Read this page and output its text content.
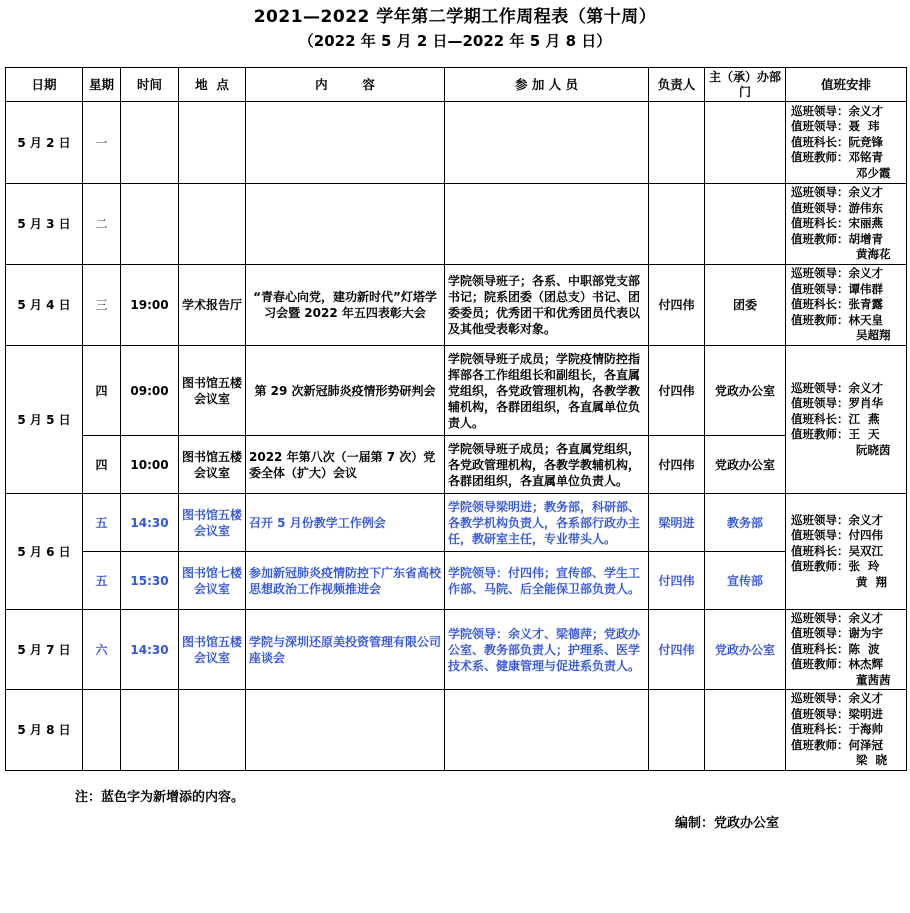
2021—2022 学年第二学期工作周程表（第十周）
（2022 年 5 月 2 日—2022 年 5 月 8 日）
日期	星期	时间	地  点	内        容	参 加 人 员	负责人	主（承）办部 门	值班安排
5 月 2 日	一							巡班领导：余义才
值班领导：聂  玮
值班科长：阮竞锋
值班教师：邓铭青
邓少霞

5 月 3 日	二							巡班领导：余义才
值班领导：游伟东
值班科长：宋丽燕
值班教师：胡增青
黄海花

5 月 4 日	三	19:00	学术报告厅	“青春心向党，建功新时代”灯塔学习会暨 2022 年五四表彰大会	学院领导班子；各系、中职部党支部书记；院系团委（团总支）书记、团委委员；优秀团干和优秀团员代表以及其他受表彰对象。	付四伟	团委	巡班领导：余义才
值班领导：谭伟群
值班科长：张青露
值班教师：林天皇
吴超翔

5 月 5 日	四	09:00	图书馆五楼会议室	第 29 次新冠肺炎疫情形势研判会	学院领导班子成员；学院疫情防控指挥部各工作组组长和副组长，各直属党组织，各党政管理机构，各教学教辅机构，各群团组织，各直属单位负责人。	付四伟	党政办公室	巡班领导：余义才
值班领导：罗肖华
值班科长：江  燕
值班教师：王  天
阮晓茵

	四	10:00	图书馆五楼会议室	2022 年第八次（一届第 7 次）党委全体（扩大）会议	学院领导班子成员；各直属党组织，各党政管理机构，各教学教辅机构，各群团组织，各直属单位负责人。	付四伟	党政办公室	
5 月 6 日	五	14:30	图书馆五楼会议室	召开 5 月份教学工作例会	学院领导梁明进；教务部，科研部、各教学机构负责人，各系部行政办主任，教研室主任，专业带头人。	梁明进	教务部	巡班领导：余义才
值班领导：付四伟
值班科长：吴双江
值班教师：张  玲
黄  翔

	五	15:30	图书馆七楼会议室	参加新冠肺炎疫情防控下广东省高校思想政治工作视频推进会	学院领导：付四伟；宣传部、学生工作部、马院、后全能保卫部负责人。	付四伟	宣传部	
5 月 7 日	六	14:30	图书馆五楼会议室	学院与深圳还原美投资管理有限公司座谈会	学院领导：余义才、梁德萍；党政办公室、教务部负责人；护理系、医学技术系、健康管理与促进系负责人。	付四伟	党政办公室	巡班领导：余义才
值班领导：谢为宇
值班科长：陈  波
值班教师：林杰辉
董茜茜

5 月 8 日								巡班领导：余义才
值班领导：梁明进
值班科长：于海帅
值班教师：何泽冠
梁  晓
注：蓝色字为新增添的内容。
编制：党政办公室
